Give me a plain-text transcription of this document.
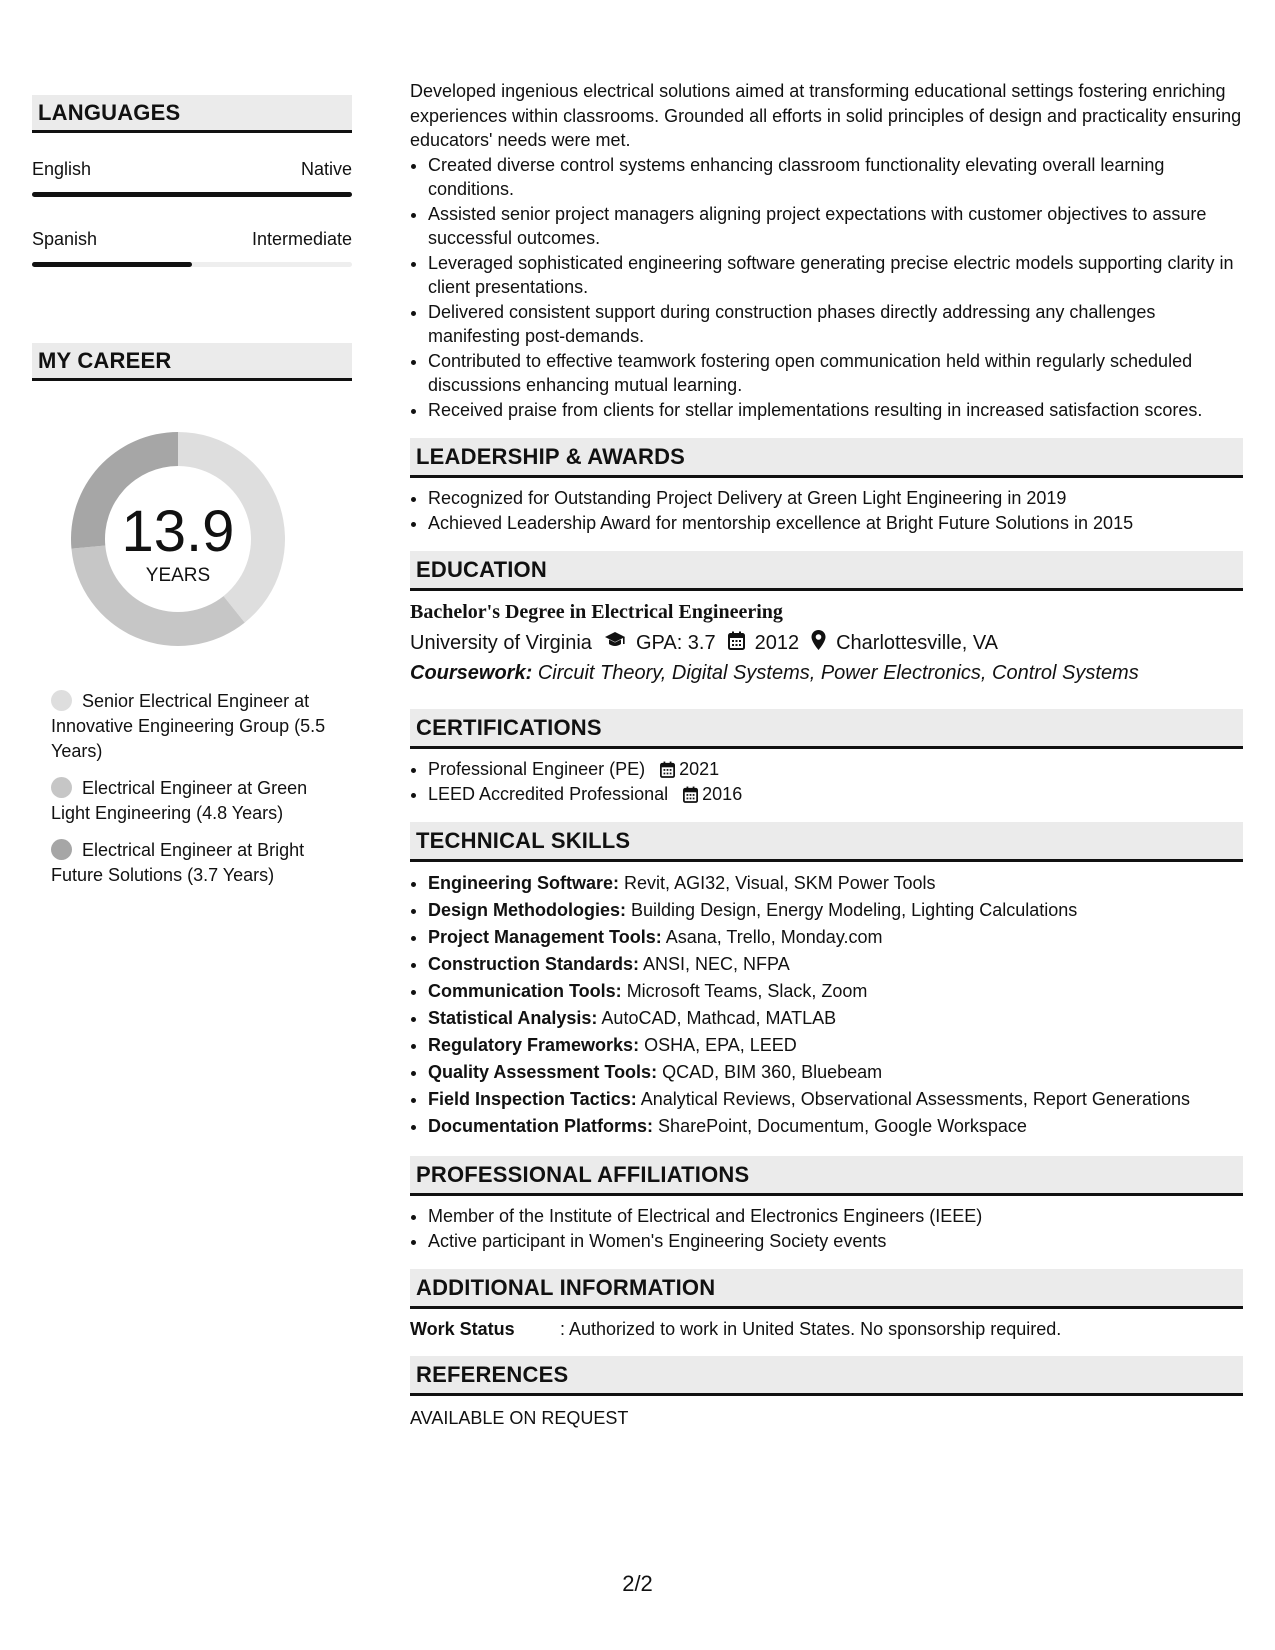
LANGUAGES
English	Native
Spanish	Intermediate
MY CAREER
13.9
YEARS
Senior Electrical Engineer at Innovative Engineering Group (5.5 Years)
Electrical Engineer at Green Light Engineering (4.8 Years)
Electrical Engineer at Bright Future Solutions (3.7 Years)
Developed ingenious electrical solutions aimed at transforming educational settings fostering enriching experiences within classrooms. Grounded all efforts in solid principles of design and practicality ensuring educators' needs were met.
• Created diverse control systems enhancing classroom functionality elevating overall learning conditions.
• Assisted senior project managers aligning project expectations with customer objectives to assure successful outcomes.
• Leveraged sophisticated engineering software generating precise electric models supporting clarity in client presentations.
• Delivered consistent support during construction phases directly addressing any challenges manifesting post-demands.
• Contributed to effective teamwork fostering open communication held within regularly scheduled discussions enhancing mutual learning.
• Received praise from clients for stellar implementations resulting in increased satisfaction scores.
LEADERSHIP & AWARDS
• Recognized for Outstanding Project Delivery at Green Light Engineering in 2019
• Achieved Leadership Award for mentorship excellence at Bright Future Solutions in 2015
EDUCATION
Bachelor's Degree in Electrical Engineering
University of Virginia GPA: 3.7 2012 Charlottesville, VA
Coursework: Circuit Theory, Digital Systems, Power Electronics, Control Systems
CERTIFICATIONS
• Professional Engineer (PE) 2021
• LEED Accredited Professional 2016
TECHNICAL SKILLS
• Engineering Software: Revit, AGI32, Visual, SKM Power Tools
• Design Methodologies: Building Design, Energy Modeling, Lighting Calculations
• Project Management Tools: Asana, Trello, Monday.com
• Construction Standards: ANSI, NEC, NFPA
• Communication Tools: Microsoft Teams, Slack, Zoom
• Statistical Analysis: AutoCAD, Mathcad, MATLAB
• Regulatory Frameworks: OSHA, EPA, LEED
• Quality Assessment Tools: QCAD, BIM 360, Bluebeam
• Field Inspection Tactics: Analytical Reviews, Observational Assessments, Report Generations
• Documentation Platforms: SharePoint, Documentum, Google Workspace
PROFESSIONAL AFFILIATIONS
• Member of the Institute of Electrical and Electronics Engineers (IEEE)
• Active participant in Women's Engineering Society events
ADDITIONAL INFORMATION
Work Status	: Authorized to work in United States. No sponsorship required.
REFERENCES
AVAILABLE ON REQUEST
2/2
